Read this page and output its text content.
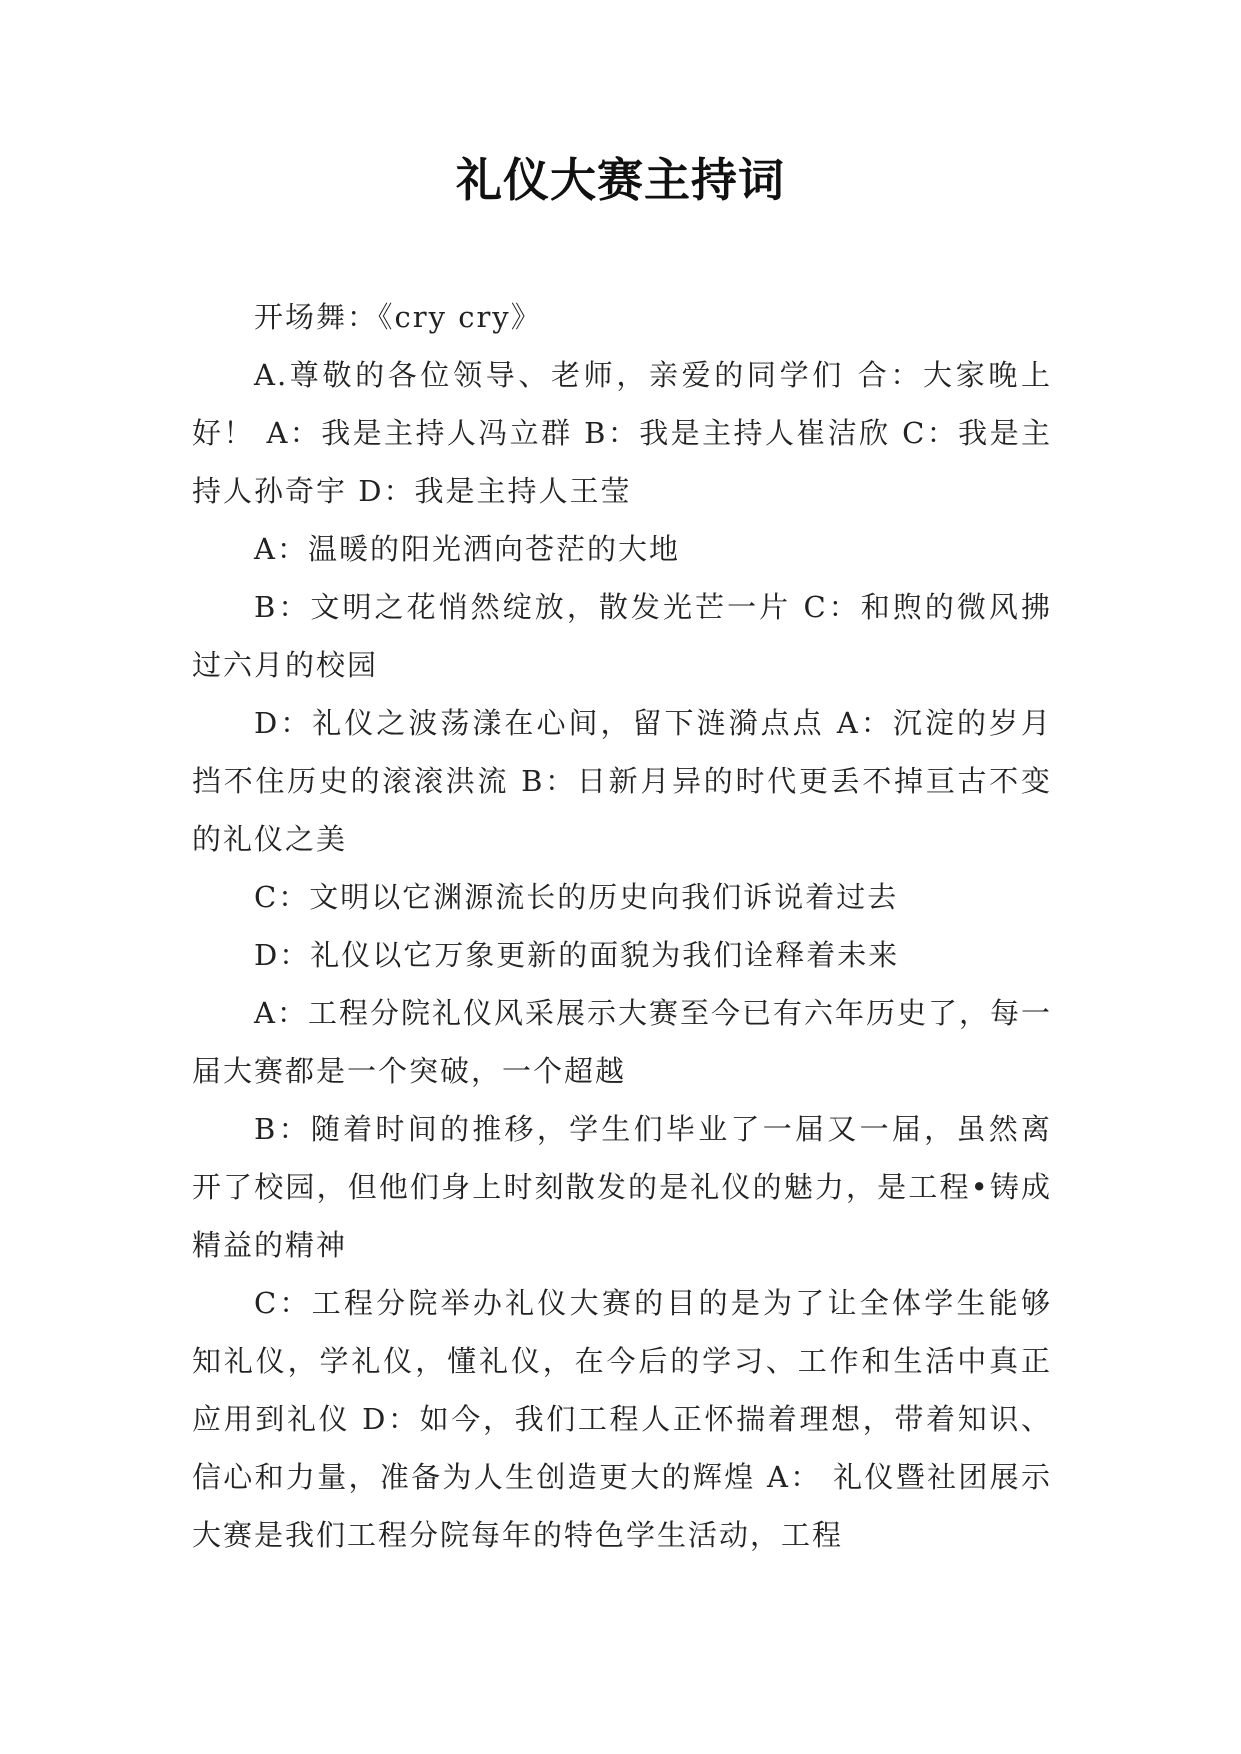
礼仪大赛主持词

开场舞：《cry cry》

A.尊敬的各位领导、老师，亲爱的同学们 合：大家晚上好！ A：我是主持人冯立群 B：我是主持人崔洁欣 C：我是主持人孙奇宇 D：我是主持人王莹

A：温暖的阳光洒向苍茫的大地

B：文明之花悄然绽放，散发光芒一片 C：和煦的微风拂过六月的校园

D：礼仪之波荡漾在心间，留下涟漪点点 A：沉淀的岁月挡不住历史的滚滚洪流 B：日新月异的时代更丢不掉亘古不变的礼仪之美

C：文明以它渊源流长的历史向我们诉说着过去

D：礼仪以它万象更新的面貌为我们诠释着未来

A：工程分院礼仪风采展示大赛至今已有六年历史了，每一届大赛都是一个突破，一个超越

B：随着时间的推移，学生们毕业了一届又一届，虽然离开了校园，但他们身上时刻散发的是礼仪的魅力，是工程•铸成精益的精神

C：工程分院举办礼仪大赛的目的是为了让全体学生能够知礼仪，学礼仪，懂礼仪，在今后的学习、工作和生活中真正应用到礼仪 D：如今，我们工程人正怀揣着理想，带着知识、信心和力量，准备为人生创造更大的辉煌 A： 礼仪暨社团展示大赛是我们工程分院每年的特色学生活动，工程
